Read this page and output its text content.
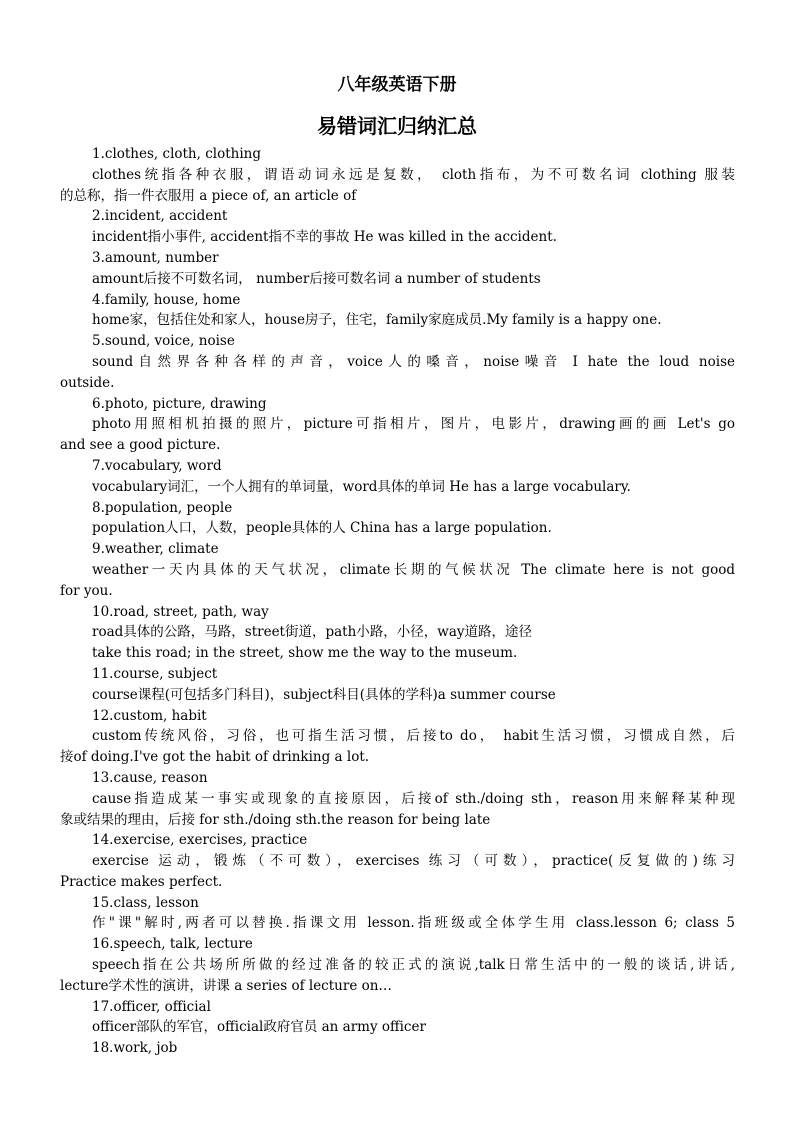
八年级英语下册
易错词汇归纳汇总
1.clothes, cloth, clothing
clothes统指各种衣服，谓语动词永远是复数， cloth指布，为不可数名词 clothing 服装
的总称，指一件衣服用 a piece of, an article of
2.incident, accident
incident指小事件, accident指不幸的事故 He was killed in the accident.
3.amount, number
amount后接不可数名词， number后接可数名词 a number of students
4.family, house, home
home家，包括住处和家人，house房子，住宅，family家庭成员.My family is a happy one.
5.sound, voice, noise
sound自然界各种各样的声音，voice人的嗓音，noise噪音 I hate the loud noise
outside.
6.photo, picture, drawing
photo用照相机拍摄的照片，picture可指相片，图片，电影片，drawing画的画 Let's go
and see a good picture.
7.vocabulary, word
vocabulary词汇，一个人拥有的单词量，word具体的单词 He has a large vocabulary.
8.population, people
population人口，人数，people具体的人 China has a large population.
9.weather, climate
weather一天内具体的天气状况，climate长期的气候状况 The climate here is not good
for you.
10.road, street, path, way
road具体的公路，马路，street街道，path小路，小径，way道路，途径
take this road; in the street, show me the way to the museum.
11.course, subject
course课程(可包括多门科目)，subject科目(具体的学科)a summer course
12.custom, habit
custom传统风俗，习俗，也可指生活习惯，后接to do， habit生活习惯，习惯成自然，后
接of doing.I've got the habit of drinking a lot.
13.cause, reason
cause指造成某一事实或现象的直接原因，后接of sth./doing sth，reason用来解释某种现
象或结果的理由，后接 for sth./doing sth.the reason for being late
14.exercise, exercises, practice
exercise 运动，锻炼（不可数），exercises 练习（可数），practice(反复做的)练习
Practice makes perfect.
15.class, lesson
作"课"解时,两者可以替换.指课文用 lesson.指班级或全体学生用 class.lesson 6; class 5
16.speech, talk, lecture
speech指在公共场所所做的经过准备的较正式的演说,talk日常生活中的一般的谈话,讲话,
lecture学术性的演讲，讲课 a series of lecture on…
17.officer, official
officer部队的军官，official政府官员 an army officer
18.work, job
